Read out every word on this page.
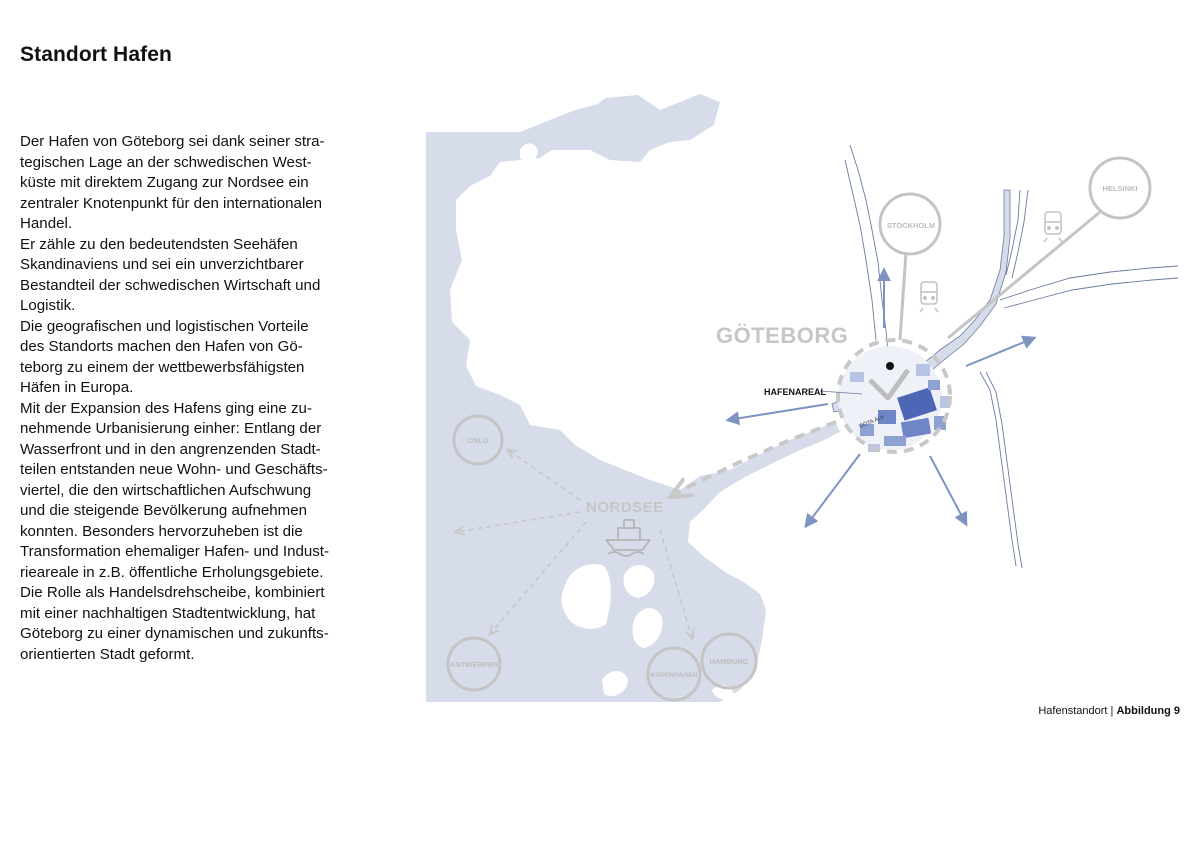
Standort Hafen

Der Hafen von Göteborg sei dank seiner stra-

tegischen Lage an der schwedischen West-

küste mit direktem Zugang zur Nordsee ein

zentraler Knotenpunkt für den internationalen

Handel.

Er zähle zu den bedeutendsten Seehäfen

Skandinaviens und sei ein unverzichtbarer

Bestandteil der schwedischen Wirtschaft und

Logistik.

Die geografischen und logistischen Vorteile

des Standorts machen den Hafen von Gö-

teborg zu einem der wettbewerbsfähigsten

Häfen in Europa.

Mit der Expansion des Hafens ging eine zu-

nehmende Urbanisierung einher: Entlang der

Wasserfront und in den angrenzenden Stadt-

teilen entstanden neue Wohn- und Geschäfts-

viertel, die den wirtschaftlichen Aufschwung

und die steigende Bevölkerung aufnehmen

konnten. Besonders hervorzuheben ist die

Transformation ehemaliger Hafen- und Indust-

rieareale in z.B. öffentliche Erholungsgebiete.

Die Rolle als Handelsdrehscheibe, kombiniert

mit einer nachhaltigen Stadtentwicklung, hat

Göteborg zu einer dynamischen und zukunfts-

orientierten Stadt geformt.

STOCKHOLM
HELSINKI
OSLO
ANTWERPEN
KOPENHAGEN
HAMBURG
GÖTEBORG
NORDSEE
HAFENAREAL
GÖTA ÄLV
Hafenstandort | Abbildung 9
